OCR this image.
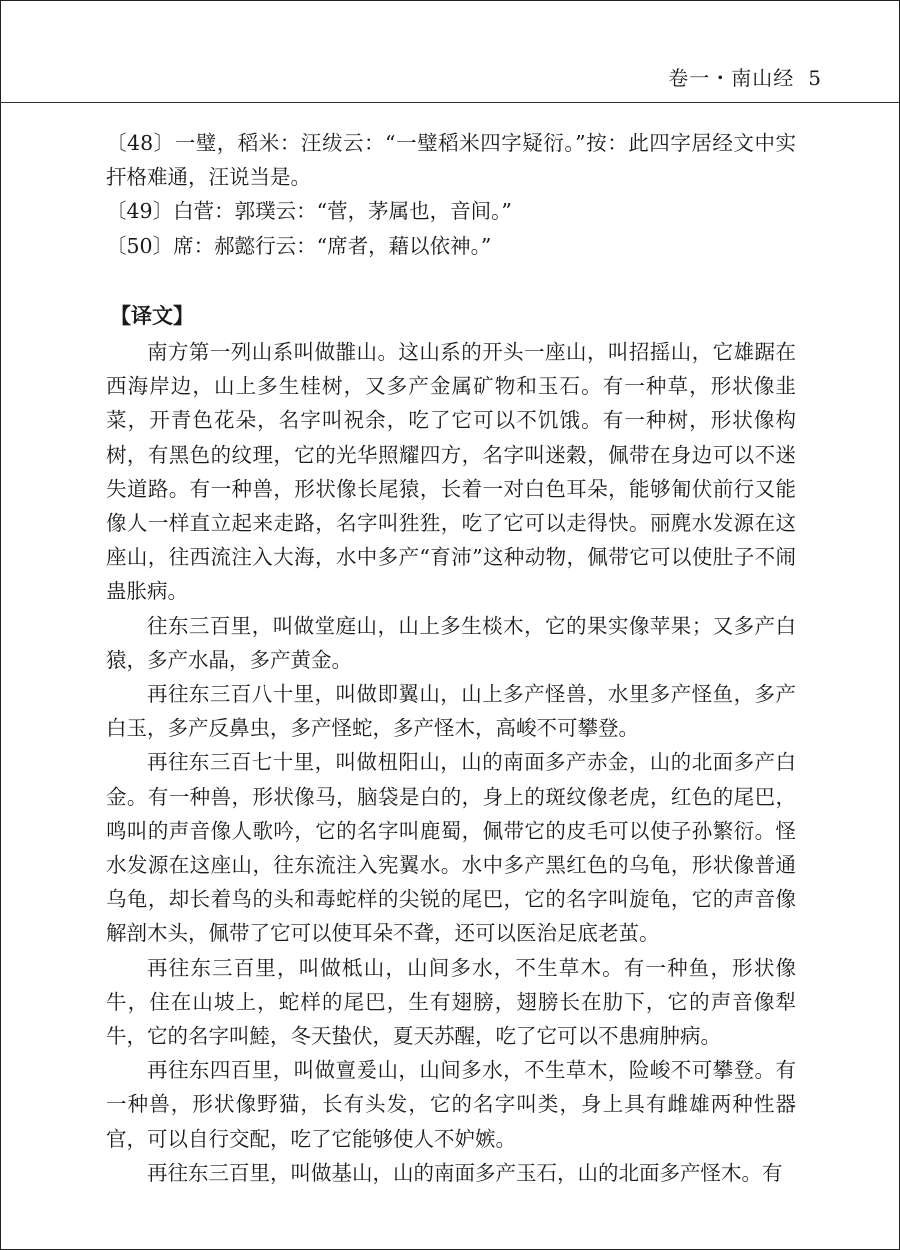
卷一・南山经 5

〔48〕一璧，稻米：汪绂云：“一璧稻米四字疑衍。”按：此四字居经文中实扞格难通，汪说当是。

〔49〕白菅：郭璞云：“菅，茅属也，音间。”

〔50〕席：郝懿行云：“席者，藉以依神。”

【译文】

南方第一列山系叫做䧿山。这山系的开头一座山，叫招摇山，它雄踞在西海岸边，山上多生桂树，又多产金属矿物和玉石。有一种草，形状像韭菜，开青色花朵，名字叫祝余，吃了它可以不饥饿。有一种树，形状像构树，有黑色的纹理，它的光华照耀四方，名字叫迷穀，佩带在身边可以不迷失道路。有一种兽，形状像长尾猿，长着一对白色耳朵，能够匍伏前行又能像人一样直立起来走路，名字叫狌狌，吃了它可以走得快。丽麂水发源在这座山，往西流注入大海，水中多产“育沛”这种动物，佩带它可以使肚子不闹蛊胀病。

往东三百里，叫做堂庭山，山上多生棪木，它的果实像苹果；又多产白猿，多产水晶，多产黄金。

再往东三百八十里，叫做即翼山，山上多产怪兽，水里多产怪鱼，多产白玉，多产反鼻虫，多产怪蛇，多产怪木，高峻不可攀登。

再往东三百七十里，叫做杻阳山，山的南面多产赤金，山的北面多产白金。有一种兽，形状像马，脑袋是白的，身上的斑纹像老虎，红色的尾巴，鸣叫的声音像人歌吟，它的名字叫鹿蜀，佩带它的皮毛可以使子孙繁衍。怪水发源在这座山，往东流注入宪翼水。水中多产黑红色的乌龟，形状像普通乌龟，却长着鸟的头和毒蛇样的尖锐的尾巴，它的名字叫旋龟，它的声音像解剖木头，佩带了它可以使耳朵不聋，还可以医治足底老茧。

再往东三百里，叫做柢山，山间多水，不生草木。有一种鱼，形状像牛，住在山坡上，蛇样的尾巴，生有翅膀，翅膀长在肋下，它的声音像犁牛，它的名字叫鯥，冬天蛰伏，夏天苏醒，吃了它可以不患痈肿病。

再往东四百里，叫做亶爰山，山间多水，不生草木，险峻不可攀登。有一种兽，形状像野猫，长有头发，它的名字叫类，身上具有雌雄两种性器官，可以自行交配，吃了它能够使人不妒嫉。

再往东三百里，叫做基山，山的南面多产玉石，山的北面多产怪木。有
